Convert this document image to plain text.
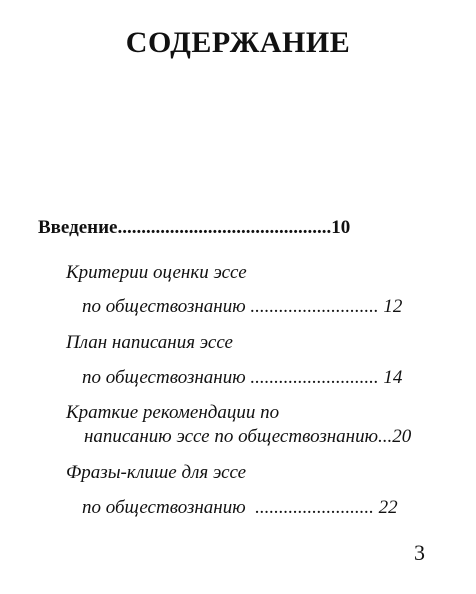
СОДЕРЖАНИЕ
Введение.............................................10
Критерии оценки эссе
по обществознанию ........................... 12
План написания эссе
по обществознанию ........................... 14
Краткие рекомендации по
написанию эссе по обществознанию...20
Фразы-клише для эссе
по обществознанию  ......................... 22
3
